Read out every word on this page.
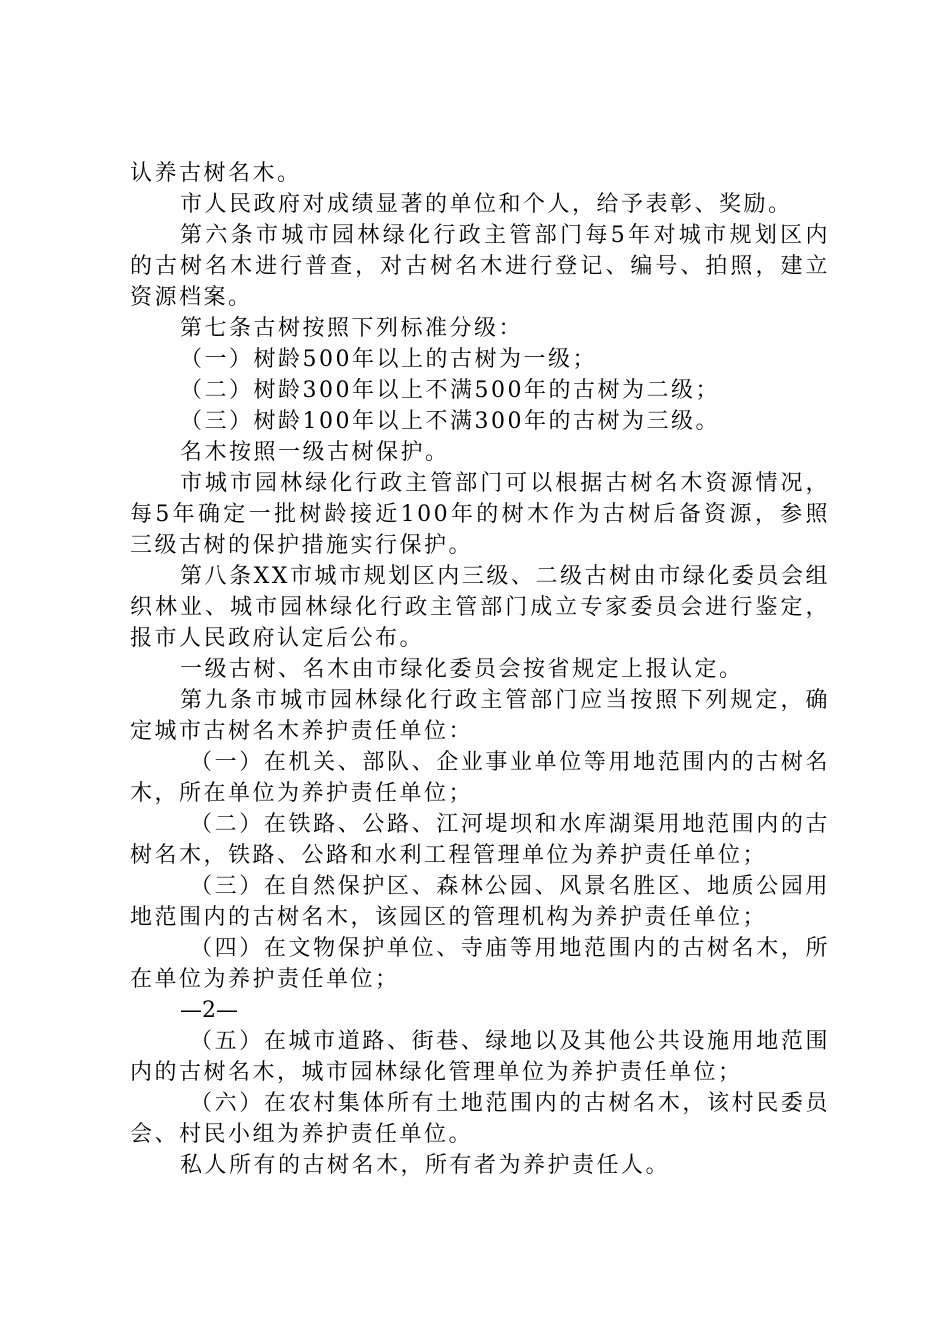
认养古树名木。

市人民政府对成绩显著的单位和个人，给予表彰、奖励。

第六条市城市园林绿化行政主管部门每5年对城市规划区内的古树名木进行普查，对古树名木进行登记、编号、拍照，建立资源档案。

第七条古树按照下列标准分级：

（一）树龄500年以上的古树为一级；

（二）树龄300年以上不满500年的古树为二级；

（三）树龄100年以上不满300年的古树为三级。

名木按照一级古树保护。

市城市园林绿化行政主管部门可以根据古树名木资源情况，每5年确定一批树龄接近100年的树木作为古树后备资源，参照三级古树的保护措施实行保护。

第八条XX市城市规划区内三级、二级古树由市绿化委员会组织林业、城市园林绿化行政主管部门成立专家委员会进行鉴定，报市人民政府认定后公布。

一级古树、名木由市绿化委员会按省规定上报认定。

第九条市城市园林绿化行政主管部门应当按照下列规定，确定城市古树名木养护责任单位：

（一）在机关、部队、企业事业单位等用地范围内的古树名木，所在单位为养护责任单位；

（二）在铁路、公路、江河堤坝和水库湖渠用地范围内的古树名木，铁路、公路和水利工程管理单位为养护责任单位；

（三）在自然保护区、森林公园、风景名胜区、地质公园用地范围内的古树名木，该园区的管理机构为养护责任单位；

（四）在文物保护单位、寺庙等用地范围内的古树名木，所在单位为养护责任单位；

—2—

（五）在城市道路、街巷、绿地以及其他公共设施用地范围内的古树名木，城市园林绿化管理单位为养护责任单位；

（六）在农村集体所有土地范围内的古树名木，该村民委员会、村民小组为养护责任单位。

私人所有的古树名木，所有者为养护责任人。
